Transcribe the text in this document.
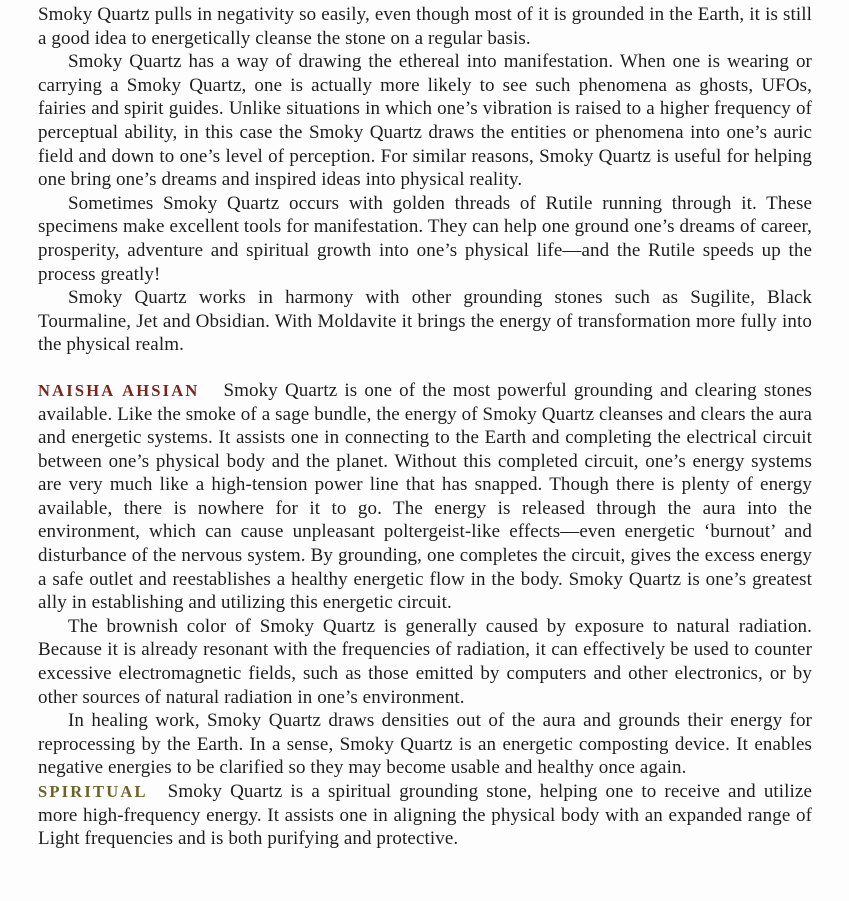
Smoky Quartz pulls in negativity so easily, even though most of it is grounded in the Earth, it is still a good idea to energetically cleanse the stone on a regular basis.

Smoky Quartz has a way of drawing the ethereal into manifestation. When one is wearing or carrying a Smoky Quartz, one is actually more likely to see such phenomena as ghosts, UFOs, fairies and spirit guides. Unlike situations in which one’s vibration is raised to a higher frequency of perceptual ability, in this case the Smoky Quartz draws the entities or phenomena into one’s auric field and down to one’s level of perception. For similar reasons, Smoky Quartz is useful for helping one bring one’s dreams and inspired ideas into physical reality.

Sometimes Smoky Quartz occurs with golden threads of Rutile running through it. These specimens make excellent tools for manifestation. They can help one ground one’s dreams of career, prosperity, adventure and spiritual growth into one’s physical life—and the Rutile speeds up the process greatly!

Smoky Quartz works in harmony with other grounding stones such as Sugilite, Black Tourmaline, Jet and Obsidian. With Moldavite it brings the energy of transformation more fully into the physical realm.

NAISHA AHSIAN Smoky Quartz is one of the most powerful grounding and clearing stones available. Like the smoke of a sage bundle, the energy of Smoky Quartz cleanses and clears the aura and energetic systems. It assists one in connecting to the Earth and completing the electrical circuit between one’s physical body and the planet. Without this completed circuit, one’s energy systems are very much like a high-tension power line that has snapped. Though there is plenty of energy available, there is nowhere for it to go. The energy is released through the aura into the environment, which can cause unpleasant poltergeist-like effects—even energetic ‘burnout’ and disturbance of the nervous system. By grounding, one completes the circuit, gives the excess energy a safe outlet and reestablishes a healthy energetic flow in the body. Smoky Quartz is one’s greatest ally in establishing and utilizing this energetic circuit.

The brownish color of Smoky Quartz is generally caused by exposure to natural radiation. Because it is already resonant with the frequencies of radiation, it can effectively be used to counter excessive electromagnetic fields, such as those emitted by computers and other electronics, or by other sources of natural radiation in one’s environment.

In healing work, Smoky Quartz draws densities out of the aura and grounds their energy for reprocessing by the Earth. In a sense, Smoky Quartz is an energetic composting device. It enables negative energies to be clarified so they may become usable and healthy once again.

SPIRITUAL Smoky Quartz is a spiritual grounding stone, helping one to receive and utilize more high-frequency energy. It assists one in aligning the physical body with an expanded range of Light frequencies and is both purifying and protective.
